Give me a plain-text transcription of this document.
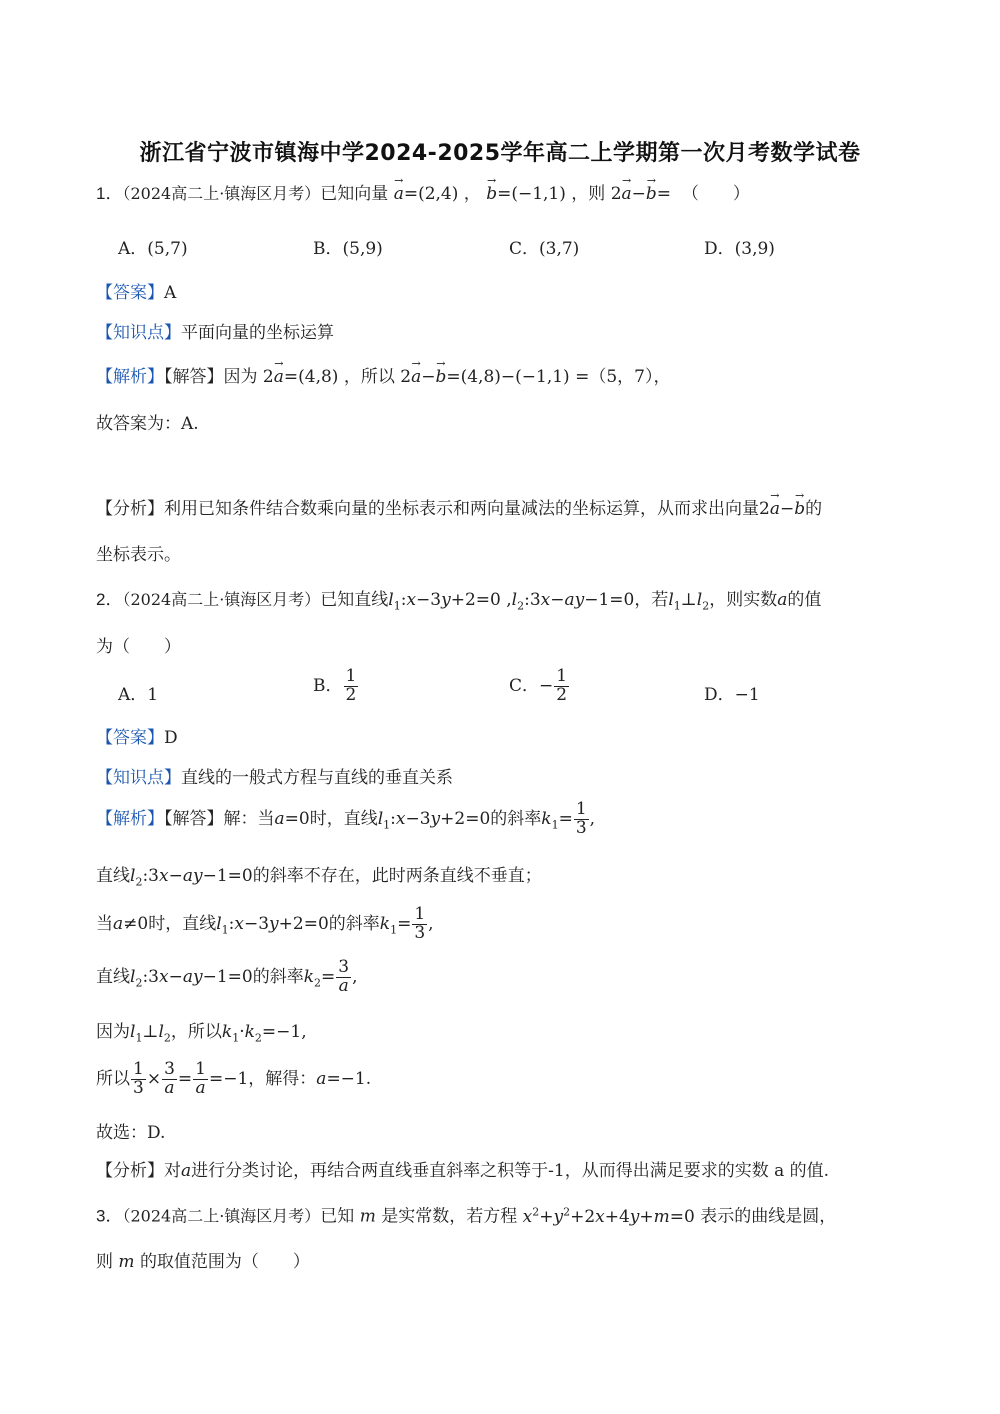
浙江省宁波市镇海中学2024-2025学年高二上学期第一次月考数学试卷
1．（2024高二上·镇海区月考）已知向量 → a=(2,4) ， → b=(−1,1) ，则 2→ a−→ b= （　　）
A．(5,7)	B．(5,9)	C．(3,7)	D．(3,9)
【答案】A
【知识点】平面向量的坐标运算
【解析】【解答】因为 2→ a=(4,8) ，所以 2→ a−→ b=(4,8)−(−1,1) =（5，7），
故答案为：A.
【分析】利用已知条件结合数乘向量的坐标表示和两向量减法的坐标运算，从而求出向量2→ a−→ b的
坐标表示。
2．（2024高二上·镇海区月考）已知直线$l_1:x-3y+2=0$ $,l_2:3x-ay-1=0$，若$l_1\perp l_2$，则实数a的值
为（　　）
A．1	B． $\frac{1}{2}$	C．− $\frac{1}{2}$	D．−1
【答案】D
【知识点】直线的一般式方程与直线的垂直关系
【解析】【解答】解：当a=0时，直线$l_1:x-3y+2=0$的斜率$k_1= \frac{1}{3}$ ,
直线$l_2:3x-ay-1=0$的斜率不存在，此时两条直线不垂直；
当a≠0时，直线$l_1:x-3y+2=0$的斜率$k_1= \frac{1}{3}$ ,
直线$l_2:3x-ay-1=0$的斜率$k_2= \frac{3}{a}$ ,
因为$l_1\perp l_2$，所以$k_1\cdot k_2=-1$,
所以 $\frac{1}{3} \times \frac{3}{a} = \frac{1}{a} =-1$，解得：a=−1.
故选：D.
【分析】对a进行分类讨论，再结合两直线垂直斜率之积等于-1，从而得出满足要求的实数 a 的值.
3．（2024高二上·镇海区月考）已知 m 是实常数，若方程 $x^2+y^2+2x+4y+m=0$ 表示的曲线是圆，
则 m 的取值范围为（　　）
